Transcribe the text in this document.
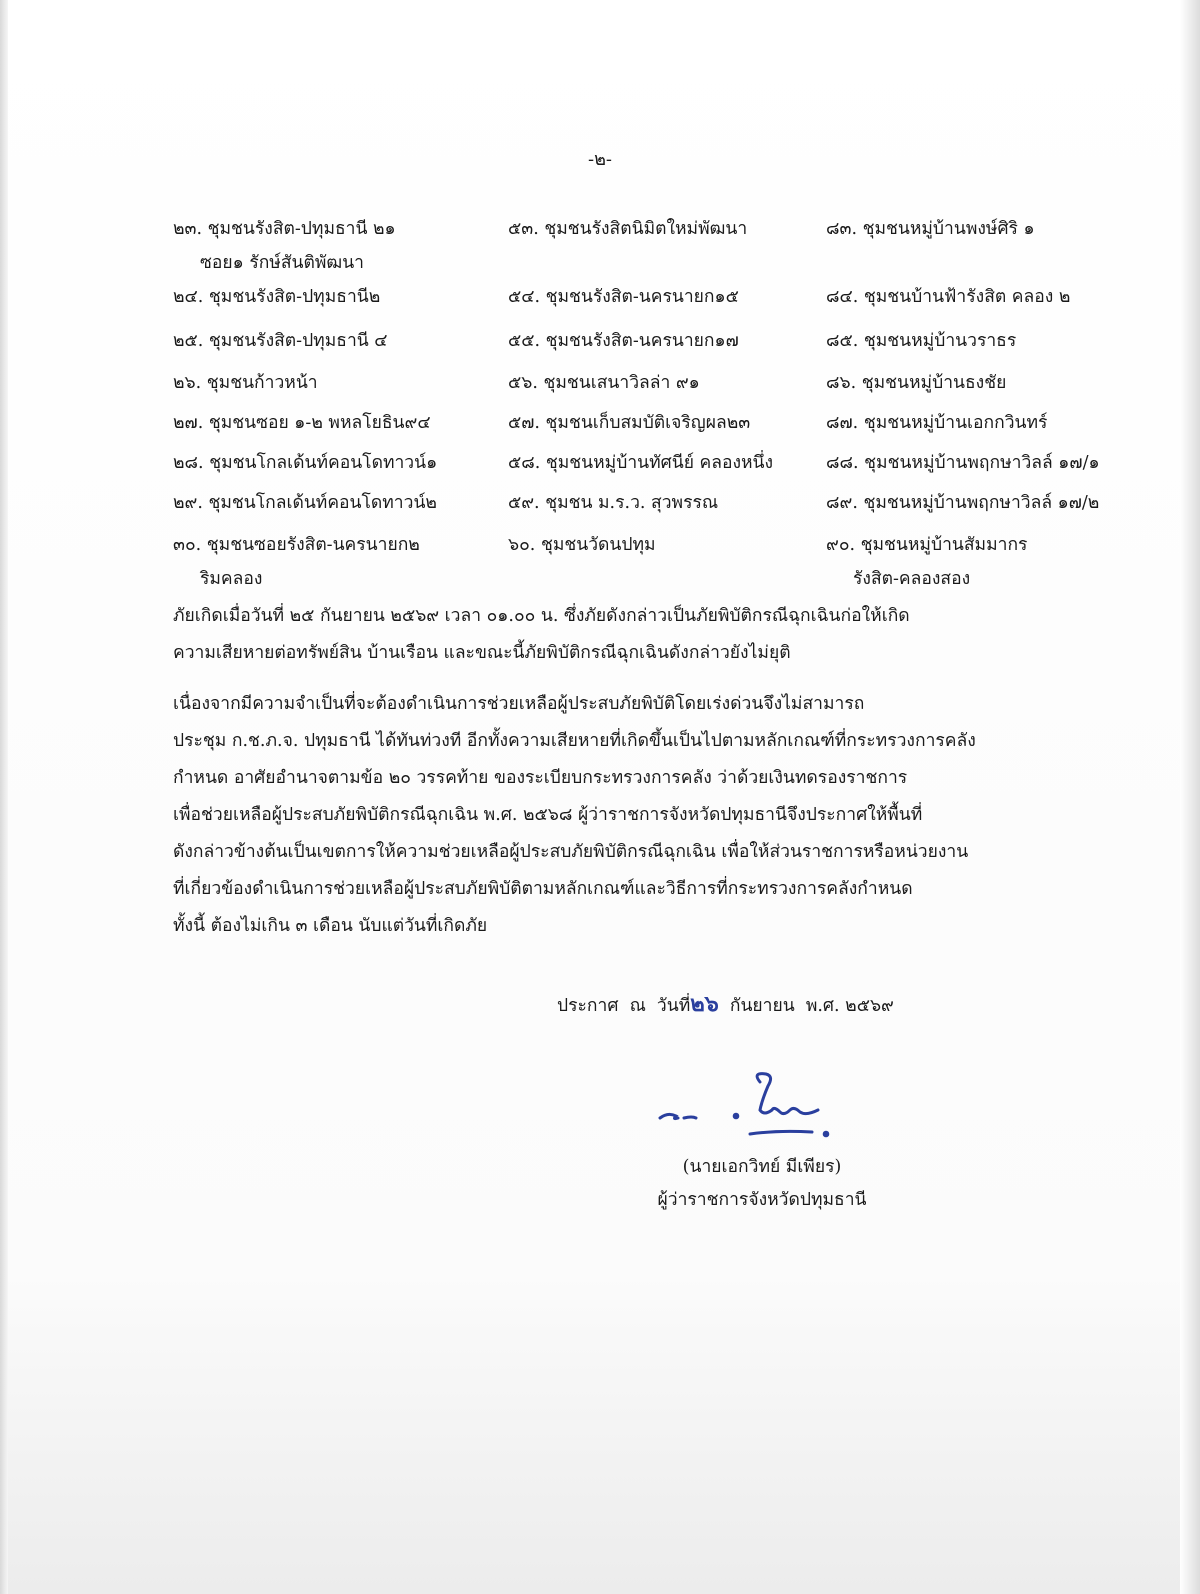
-๒-
๒๓. ชุมชนรังสิต-ปทุมธานี ๒๑
ซอย๑ รักษ์สันติพัฒนา
๒๔. ชุมชนรังสิต-ปทุมธานี๒
๒๕. ชุมชนรังสิต-ปทุมธานี ๔
๒๖. ชุมชนก้าวหน้า
๒๗. ชุมชนซอย ๑-๒ พหลโยธิน๙๔
๒๘. ชุมชนโกลเด้นท์คอนโดทาวน์๑
๒๙. ชุมชนโกลเด้นท์คอนโดทาวน์๒
๓๐. ชุมชนซอยรังสิต-นครนายก๒
ริมคลอง
๕๓. ชุมชนรังสิตนิมิตใหม่พัฒนา
๕๔. ชุมชนรังสิต-นครนายก๑๕
๕๕. ชุมชนรังสิต-นครนายก๑๗
๕๖. ชุมชนเสนาวิลล่า ๙๑
๕๗. ชุมชนเก็บสมบัติเจริญผล๒๓
๕๘. ชุมชนหมู่บ้านทัศนีย์ คลองหนึ่ง
๕๙. ชุมชน ม.ร.ว. สุวพรรณ
๖๐. ชุมชนวัดนปทุม
๘๓. ชุมชนหมู่บ้านพงษ์ศิริ ๑
๘๔. ชุมชนบ้านฟ้ารังสิต คลอง ๒
๘๕. ชุมชนหมู่บ้านวราธร
๘๖. ชุมชนหมู่บ้านธงชัย
๘๗. ชุมชนหมู่บ้านเอกกวินทร์
๘๘. ชุมชนหมู่บ้านพฤกษาวิลล์ ๑๗/๑
๘๙. ชุมชนหมู่บ้านพฤกษาวิลล์ ๑๗/๒
๙๐. ชุมชนหมู่บ้านสัมมากร
รังสิต-คลองสอง
ภัยเกิดเมื่อวันที่ ๒๕ กันยายน ๒๕๖๙ เวลา ๐๑.๐๐ น. ซึ่งภัยดังกล่าวเป็นภัยพิบัติกรณีฉุกเฉินก่อให้เกิด
ความเสียหายต่อทรัพย์สิน บ้านเรือน และขณะนี้ภัยพิบัติกรณีฉุกเฉินดังกล่าวยังไม่ยุติ
เนื่องจากมีความจำเป็นที่จะต้องดำเนินการช่วยเหลือผู้ประสบภัยพิบัติโดยเร่งด่วนจึงไม่สามารถ
ประชุม ก.ช.ภ.จ. ปทุมธานี ได้ทันท่วงที อีกทั้งความเสียหายที่เกิดขึ้นเป็นไปตามหลักเกณฑ์ที่กระทรวงการคลัง
กำหนด อาศัยอำนาจตามข้อ ๒๐ วรรคท้าย ของระเบียบกระทรวงการคลัง ว่าด้วยเงินทดรองราชการ
เพื่อช่วยเหลือผู้ประสบภัยพิบัติกรณีฉุกเฉิน พ.ศ. ๒๕๖๘ ผู้ว่าราชการจังหวัดปทุมธานีจึงประกาศให้พื้นที่
ดังกล่าวข้างต้นเป็นเขตการให้ความช่วยเหลือผู้ประสบภัยพิบัติกรณีฉุกเฉิน เพื่อให้ส่วนราชการหรือหน่วยงาน
ที่เกี่ยวข้องดำเนินการช่วยเหลือผู้ประสบภัยพิบัติตามหลักเกณฑ์และวิธีการที่กระทรวงการคลังกำหนด
ทั้งนี้ ต้องไม่เกิน ๓ เดือน นับแต่วันที่เกิดภัย
ประกาศ  ณ  วันที่๒๖  กันยายน  พ.ศ. ๒๕๖๙
(นายเอกวิทย์ มีเพียร)
ผู้ว่าราชการจังหวัดปทุมธานี
